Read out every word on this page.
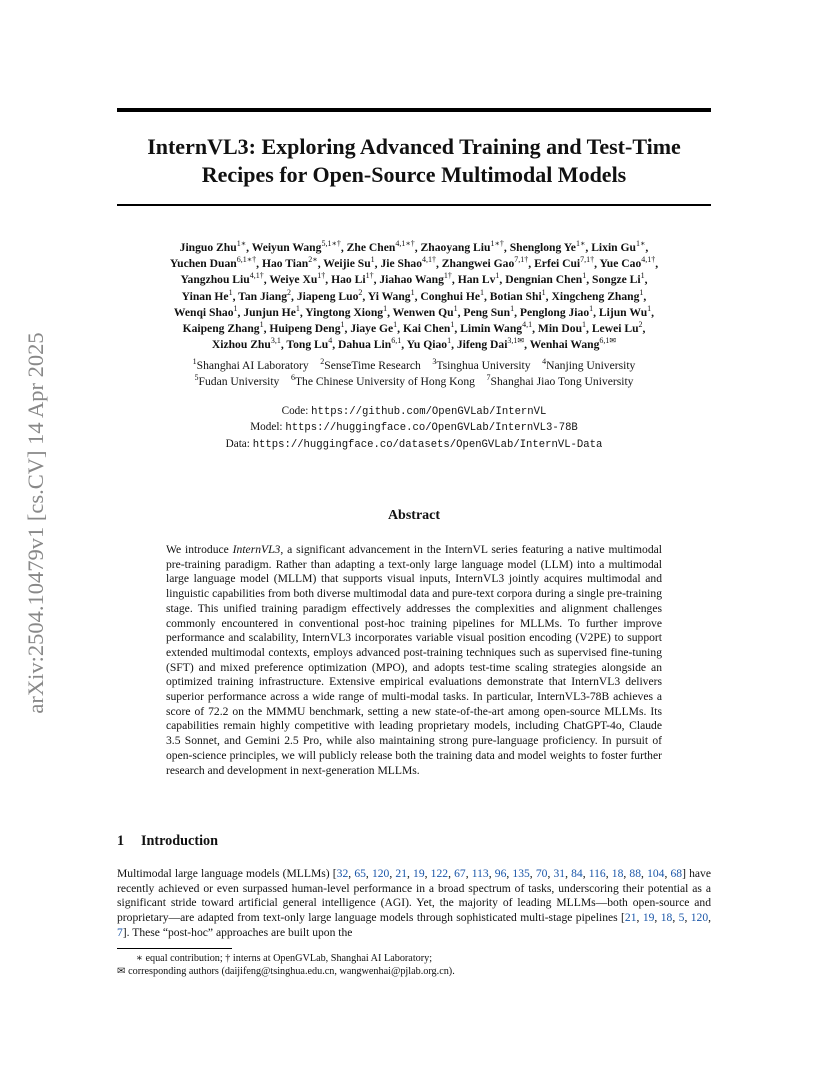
arXiv:2504.10479v1 [cs.CV] 14 Apr 2025
InternVL3: Exploring Advanced Training and Test-Time
Recipes for Open-Source Multimodal Models
Jinguo Zhu$^{1∗}$, Weiyun Wang$^{5,1∗\dagger}$, Zhe Chen$^{4,1∗\dagger}$, Zhaoyang Liu$^{1∗\dagger}$, Shenglong $Ye^{1∗}$, Lixin $Gu^{1∗}$,
Yuchen Duan$^{6,1∗\dagger}$, Hao Tian$^{2∗}$, Weijie Su$^1$, Jie Shao$^{4,1\dagger}$, Zhangwei Gao$^{7,1\dagger}$, Erfei Cui$^{7,1\dagger}$, Yue Cao$^{4,1\dagger}$,
Yangzhou Liu$^{4,1\dagger}$, Weiye $Xu^{1\dagger}$, Hao $Li^{1\dagger}$, Jiahao Wang$^{1\dagger}$, Han Lv$^1$, Dengnian Chen$^1$, Songze Li$^1$,
Yinan He$^1$, Tan Jiang$^2$, Jiapeng Luo$^2$, Yi Wang$^1$, Conghui He$^1$, Botian Shi$^1$, Xingcheng Zhang$^1$,
Wenqi Shao$^1$, Junjun He$^1$, Yingtong Xiong$^1$, Wenwen Qu$^1$, Peng Sun$^1$, Penglong Jiao$^1$, Lijun Wu$^1$,
Kaipeng Zhang$^1$, Huipeng Deng$^1$, Jiaye Ge$^1$, Kai Chen$^1$, Limin Wang$^{4,1}$, Min Dou$^1$, Lewei Lu$^2$,
Xizhou Zhu$^{3,1}$, Tong Lu$^4$, Dahua Lin$^{6,1}$, Yu Qiao$^1$, Jifeng Dai$^{3,1✉}$, Wenhai Wang$^{6,1✉}$
$^1$Shanghai AI Laboratory  $^2$SenseTime Research  $^3$Tsinghua University  $^4$Nanjing University
$^5$Fudan University  $^6$The Chinese University of Hong Kong  $^7$Shanghai Jiao Tong University
Code: https://github.com/OpenGVLab/InternVL
Model: https://huggingface.co/OpenGVLab/InternVL3-78B
Data: https://huggingface.co/datasets/OpenGVLab/InternVL-Data
Abstract
We introduce InternVL3, a significant advancement in the InternVL series featuring a native multimodal pre-training paradigm. Rather than adapting a text-only large language model (LLM) into a multimodal large language model (MLLM) that supports visual inputs, InternVL3 jointly acquires multimodal and linguistic capabilities from both diverse multimodal data and pure-text corpora during a single pre-training stage. This unified training paradigm effectively addresses the complexities and alignment challenges commonly encountered in conventional post-hoc training pipelines for MLLMs. To further improve performance and scalability, InternVL3 incorporates variable visual position encoding (V2PE) to support extended multimodal contexts, employs advanced post-training techniques such as supervised fine-tuning (SFT) and mixed preference optimization (MPO), and adopts test-time scaling strategies alongside an optimized training infrastructure. Extensive empirical evaluations demonstrate that InternVL3 delivers superior performance across a wide range of multi-modal tasks. In particular, InternVL3-78B achieves a score of 72.2 on the MMMU benchmark, setting a new state-of-the-art among open-source MLLMs. Its capabilities remain highly competitive with leading proprietary models, including ChatGPT-4o, Claude 3.5 Sonnet, and Gemini 2.5 Pro, while also maintaining strong pure-language proficiency. In pursuit of open-science principles, we will publicly release both the training data and model weights to foster further research and development in next-generation MLLMs.
1 Introduction
Multimodal large language models (MLLMs) [32, 65, 120, 21, 19, 122, 67, 113, 96, 135, 70, 31, 84, 116, 18, 88, 104, 68] have recently achieved or even surpassed human-level performance in a broad spectrum of tasks, underscoring their potential as a significant stride toward artificial general intelligence (AGI). Yet, the majority of leading MLLMs—both open-source and proprietary—are adapted from text-only large language models through sophisticated multi-stage pipelines [21, 19, 18, 5, 120, 7]. These “post-hoc” approaches are built upon the
∗ equal contribution; † interns at OpenGVLab, Shanghai AI Laboratory;
✉ corresponding authors (daijifeng@tsinghua.edu.cn, wangwenhai@pjlab.org.cn).
